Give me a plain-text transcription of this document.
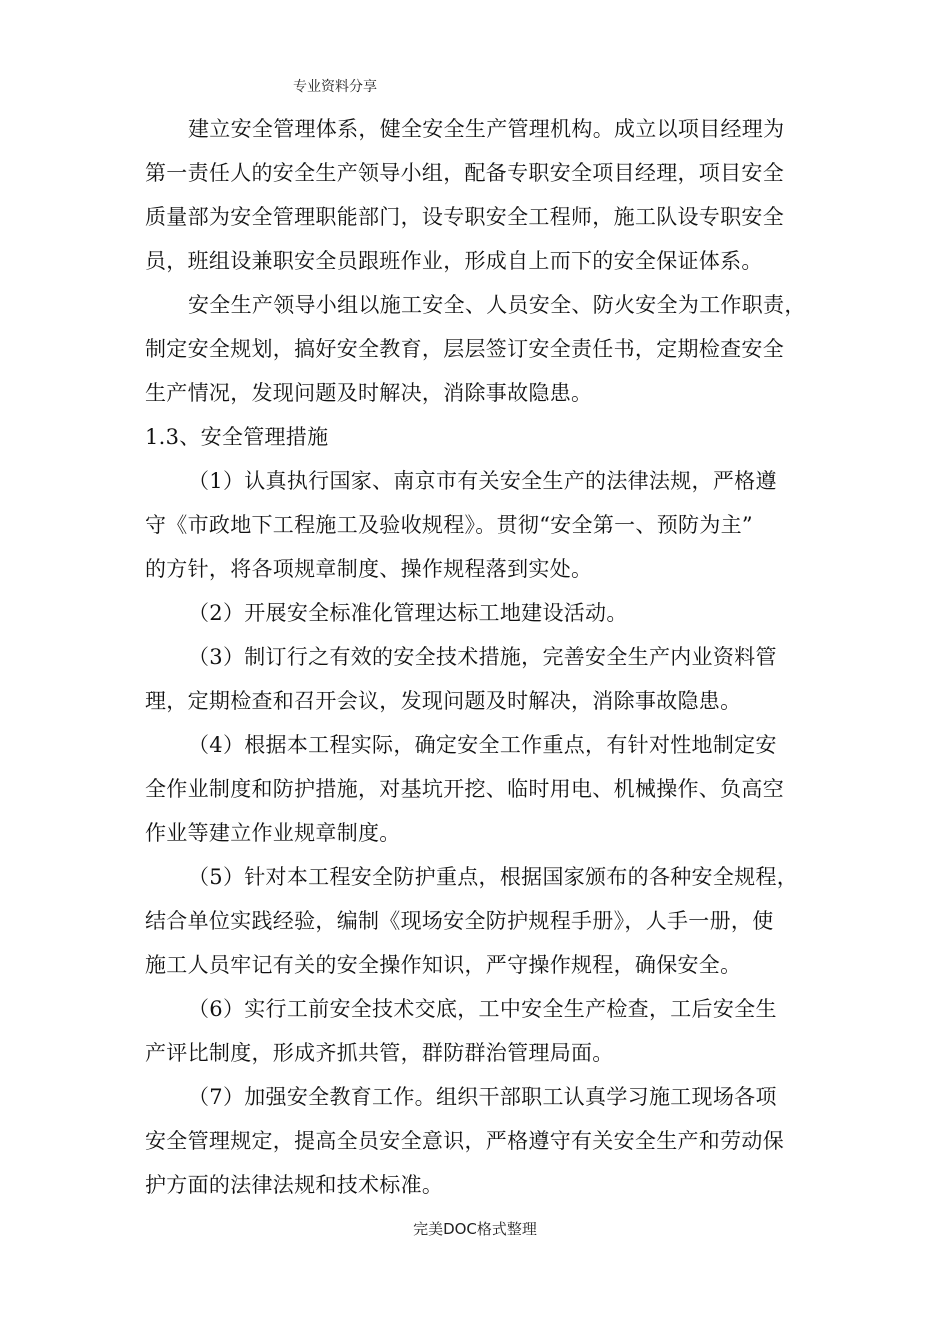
专业资料分享
建立安全管理体系，健全安全生产管理机构。成立以项目经理为
第一责任人的安全生产领导小组，配备专职安全项目经理，项目安全
质量部为安全管理职能部门，设专职安全工程师，施工队设专职安全
员，班组设兼职安全员跟班作业，形成自上而下的安全保证体系。
安全生产领导小组以施工安全、人员安全、防火安全为工作职责，
制定安全规划，搞好安全教育，层层签订安全责任书，定期检查安全
生产情况，发现问题及时解决，消除事故隐患。
1.3、安全管理措施
（1）认真执行国家、南京市有关安全生产的法律法规，严格遵
守《市政地下工程施工及验收规程》。贯彻“安全第一、预防为主”
的方针，将各项规章制度、操作规程落到实处。
（2）开展安全标准化管理达标工地建设活动。
（3）制订行之有效的安全技术措施，完善安全生产内业资料管
理，定期检查和召开会议，发现问题及时解决，消除事故隐患。
（4）根据本工程实际，确定安全工作重点，有针对性地制定安
全作业制度和防护措施，对基坑开挖、临时用电、机械操作、负高空
作业等建立作业规章制度。
（5）针对本工程安全防护重点，根据国家颁布的各种安全规程，
结合单位实践经验，编制《现场安全防护规程手册》，人手一册，使
施工人员牢记有关的安全操作知识，严守操作规程，确保安全。
（6）实行工前安全技术交底，工中安全生产检查，工后安全生
产评比制度，形成齐抓共管，群防群治管理局面。
（7）加强安全教育工作。组织干部职工认真学习施工现场各项
安全管理规定，提高全员安全意识，严格遵守有关安全生产和劳动保
护方面的法律法规和技术标准。
完美DOC格式整理
